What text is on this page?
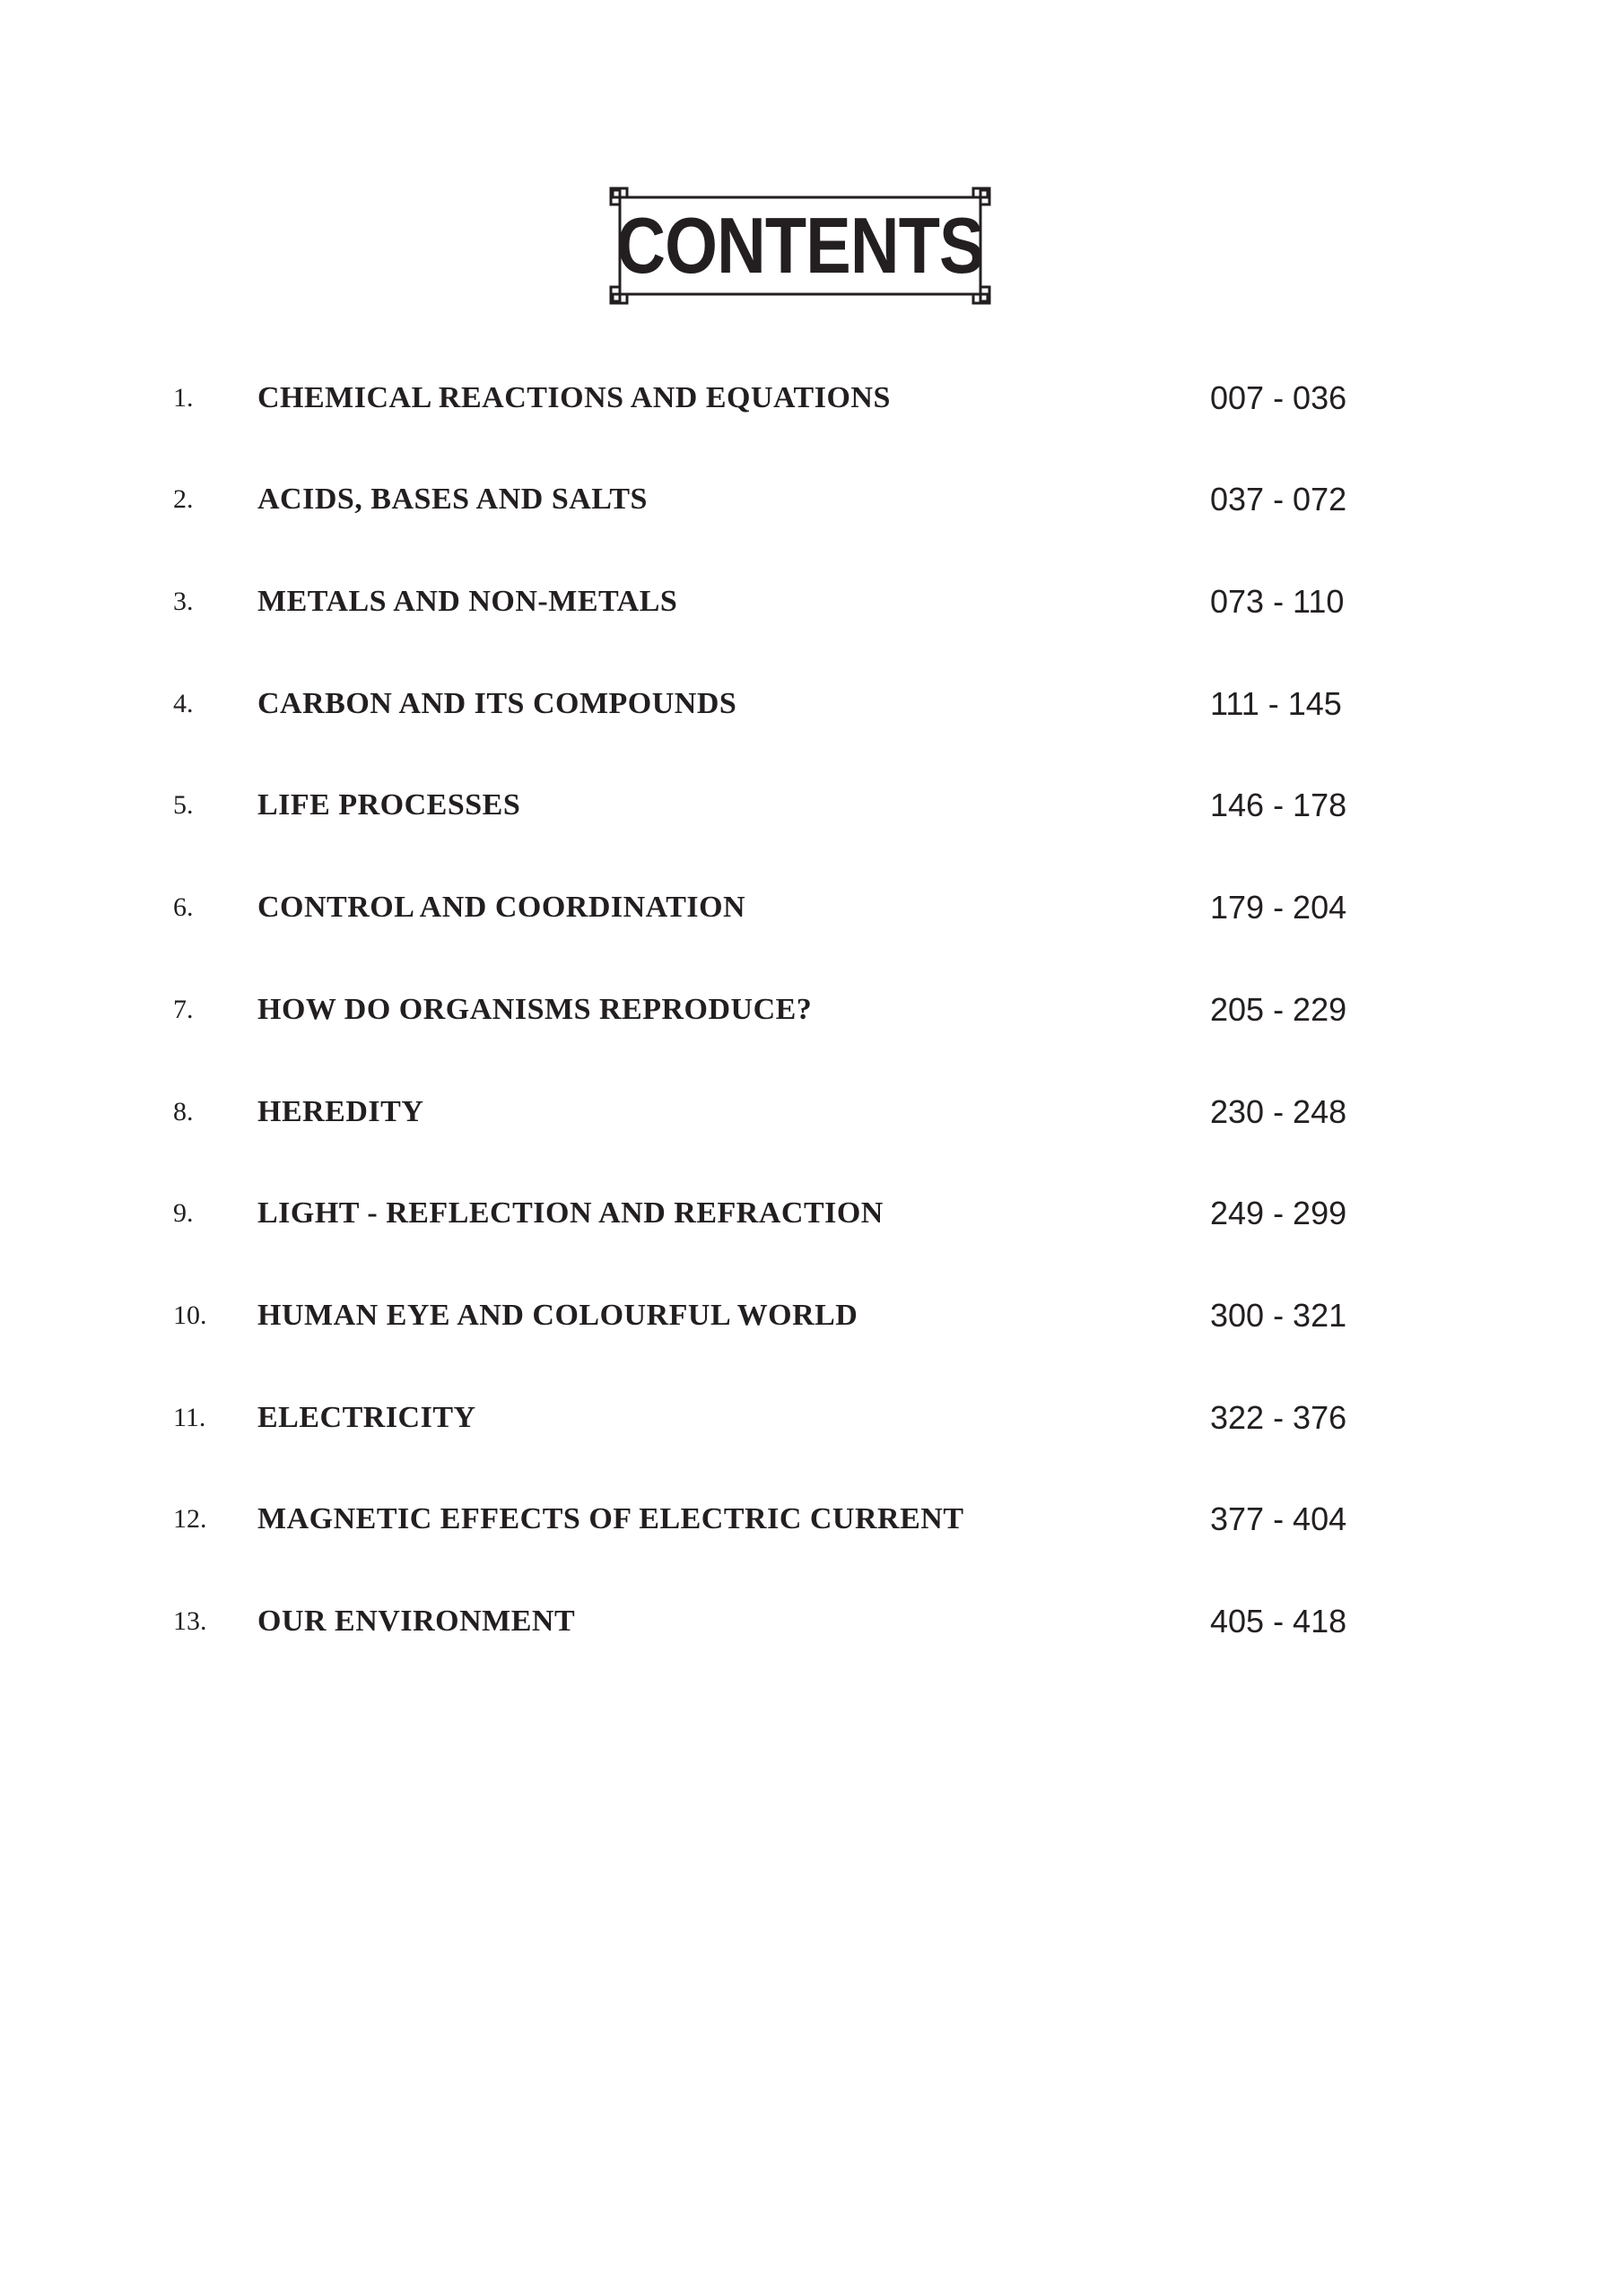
CONTENTS
1. CHEMICAL REACTIONS AND EQUATIONS	007 - 036
2. ACIDS, BASES AND SALTS	037 - 072
3. METALS AND NON-METALS	073 - 110
4. CARBON AND ITS COMPOUNDS	111 - 145
5. LIFE PROCESSES	146 - 178
6. CONTROL AND COORDINATION	179 - 204
7. HOW DO ORGANISMS REPRODUCE?	205 - 229
8. HEREDITY	230 - 248
9. LIGHT - REFLECTION AND REFRACTION	249 - 299
10. HUMAN EYE AND COLOURFUL WORLD	300 - 321
11. ELECTRICITY	322 - 376
12. MAGNETIC EFFECTS OF ELECTRIC CURRENT	377 - 404
13. OUR ENVIRONMENT	405 - 418
